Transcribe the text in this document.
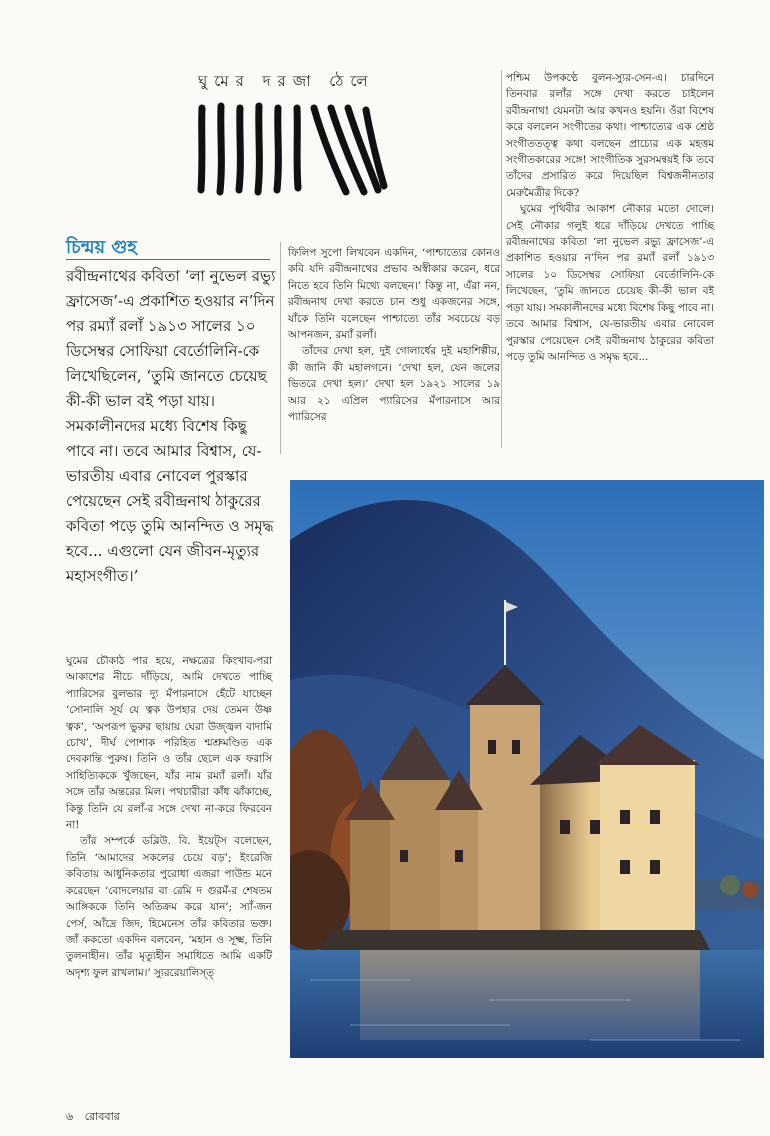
ঘুমের দরজা ঠেলে
চিন্ময় গুহ

রবীন্দ্রনাথের কবিতা ‘লা নুভেল রভ্যু ফ্রাসেজ’-এ প্রকাশিত হওয়ার ন’দিন পর রম্যাঁ রলাঁ ১৯১৩ সালের ১০ ডিসেম্বর সোফিয়া বের্তোলিনি-কে লিখেছিলেন, ‘তুমি জানতে চেয়েছ কী-কী ভাল বই পড়া যায়। সমকালীনদের মধ্যে বিশেষ কিছু পাবে না। তবে আমার বিশ্বাস, যে-ভারতীয় এবার নোবেল পুরস্কার পেয়েছেন সেই রবীন্দ্রনাথ ঠাকুরের কবিতা পড়ে তুমি আনন্দিত ও সমৃদ্ধ হবে... এগুলো যেন জীবন-মৃত্যুর মহাসংগীত।’

ফিলিপ সুপো লিখবেন একদিন, ‘পাশ্চাত্যের কোনও কবি যদি রবীন্দ্রনাথের প্রভাব অস্বীকার করেন, ধরে নিতে হবে তিনি মিথ্যে বলছেন।’ কিন্তু না, এঁরা নন, রবীন্দ্রনাথ দেখা করতে চান শুধু একজনের সঙ্গে, যাঁকে তিনি বলেছেন পাশ্চাত্যে তাঁর সবচেয়ে বড় আপনজন, রম্যাঁ রলাঁ।

তাঁদের দেখা হল, দুই গোলার্ধের দুই মহাশিল্পীর, কী জানি কী মহালগনে। ‘দেখা হল, যেন জলের ভিতরে দেখা হল।’ দেখা হল ১৯২১ সালের ১৯ আর ২১ এপ্রিল প্যারিসের মঁপারনাসে আর প্যারিসের

পশ্চিম উপকণ্ঠে বুলন-স্যুর-সেন-এ। চারদিনে তিনবার রলাঁর সঙ্গে দেখা করতে চাইলেন রবীন্দ্রনাথ! যেমনটা আর কখনও হয়নি। ওঁরা বিশেষ করে বললেন সংগীতের কথা। পাশ্চাত্যের এক শ্রেষ্ঠ সংগীততত্ত্ব কথা বলছেন প্রাচ্যের এক মহত্তম সংগীতকারের সঙ্গে! সাংগীতিক সুরসমন্বয়ই কি তবে তাঁদের প্রসারিত করে দিয়েছিল বিশ্বজনীনতার মেরুমৈত্রীর দিকে?

ঘুমের পৃথিবীর আকাশ নৌকার মতো দোলে। সেই নৌকার গলুই ধরে দাঁড়িয়ে দেখতে পাচ্ছি রবীন্দ্রনাথের কবিতা ‘লা নুভেল রভ্যু ফ্রাসেজ’-এ প্রকাশিত হওয়ার ন’দিন পর রম্যাঁ রলাঁ ১৯১৩ সালের ১০ ডিসেম্বর সোফিয়া বের্তোলিনি-কে লিখেছেন, ‘তুমি জানতে চেয়েছ কী-কী ভাল বই পড়া যায়। সমকালীনদের মধ্যে বিশেষ কিছু পাবে না। তবে আমার বিশ্বাস, যে-ভারতীয় এবার নোবেল পুরস্কার পেয়েছেন সেই রবীন্দ্রনাথ ঠাকুরের কবিতা পড়ে তুমি আনন্দিত ও সমৃদ্ধ হবে...

ঘুমের চৌকাঠ পার হয়ে, নক্ষত্রের কিংখাব-পরা আকাশের নীচে দাঁড়িয়ে, আমি দেখতে পাচ্ছি প্যারিসের বুলভার দ্যু মঁপারনাসে হেঁটে যাচ্ছেন ‘সোনালি সূর্য যে ত্বক উপহার দেয় তেমন উষ্ণ ত্বক’, ‘অপরূপ ভুরুর ছায়ায় ঘেরা উজ্জ্বল বাদামি চোখ’, দীর্ঘ পোশাক পরিহিত শ্মশ্রুমণ্ডিত এক দেবকান্তি পুরুষ। তিনি ও তাঁর ছেলে এক ফরাসি সাহিত্যিককে খুঁজছেন, যাঁর নাম রম্যাঁ রলাঁ। যাঁর সঙ্গে তাঁর অন্তরের মিল। পথচারীরা কাঁধ ঝাঁকাচ্ছে, কিন্তু তিনি যে রলাঁ-র সঙ্গে দেখা না-করে ফিরবেন না!

তাঁর সম্পর্কে ডব্লিউ. বি. ইয়েট্‌স বলেছেন, তিনি ‘আমাদের সকলের চেয়ে বড়’; ইংরেজি কবিতায় আধুনিকতার পুরোধা এজরা পাউন্ড মনে করেছেন ‘বোদলেয়ার বা রেমি দ গুরমঁ-র শেষতম আঙ্গিককে তিনি অতিক্রম করে যান’; স্যাঁ-জন পের্স, আঁদ্রে জিদ, হিমেনেস তাঁর কবিতার ভক্ত। জাঁ ককতো একদিন বলবেন, ‘মহান ও সূক্ষ্ম, তিনি তুলনাহীন। তাঁর মৃত্যুহীন সমাধিতে আমি একটি অদৃশ্য ফুল রাখলাম।’ স্যুররেয়ালিস্ত্‌

৬ রোববার
